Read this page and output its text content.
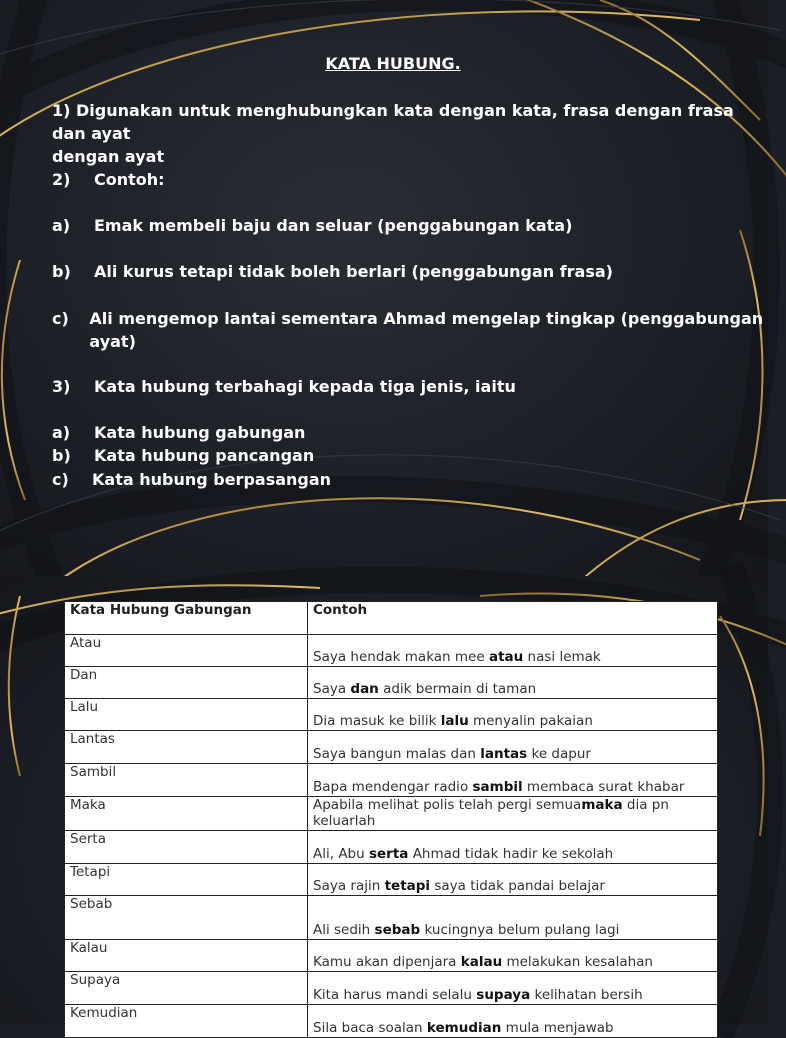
KATA HUBUNG.
1) Digunakan untuk menghubungkan kata dengan kata, frasa dengan frasa dan ayat
dengan ayat
2)	Contoh:
a)	Emak membeli baju dan seluar (penggabungan kata)
b)	Ali kurus tetapi tidak boleh berlari (penggabungan frasa)
c)	Ali mengemop lantai sementara Ahmad mengelap tingkap (penggabungan ayat)
3)	Kata hubung terbahagi kepada tiga jenis, iaitu
a)	Kata hubung gabungan
b)	Kata hubung pancangan
c)	Kata hubung berpasangan
Kata Hubung Gabungan	Contoh
Atau	Saya hendak makan mee atau nasi lemak
Dan	Saya dan adik bermain di taman
Lalu	Dia masuk ke bilik lalu menyalin pakaian
Lantas	Saya bangun malas dan lantas ke dapur
Sambil	Bapa mendengar radio sambil membaca surat khabar
Maka	Apabila melihat polis telah pergi semuamaka dia pn keluarlah
Serta	Ali, Abu serta Ahmad tidak hadir ke sekolah
Tetapi	Saya rajin tetapi saya tidak pandai belajar
Sebab	Ali sedih sebab kucingnya belum pulang lagi
Kalau	Kamu akan dipenjara kalau melakukan kesalahan
Supaya	Kita harus mandi selalu supaya kelihatan bersih
Kemudian	Sila baca soalan kemudian mula menjawab
